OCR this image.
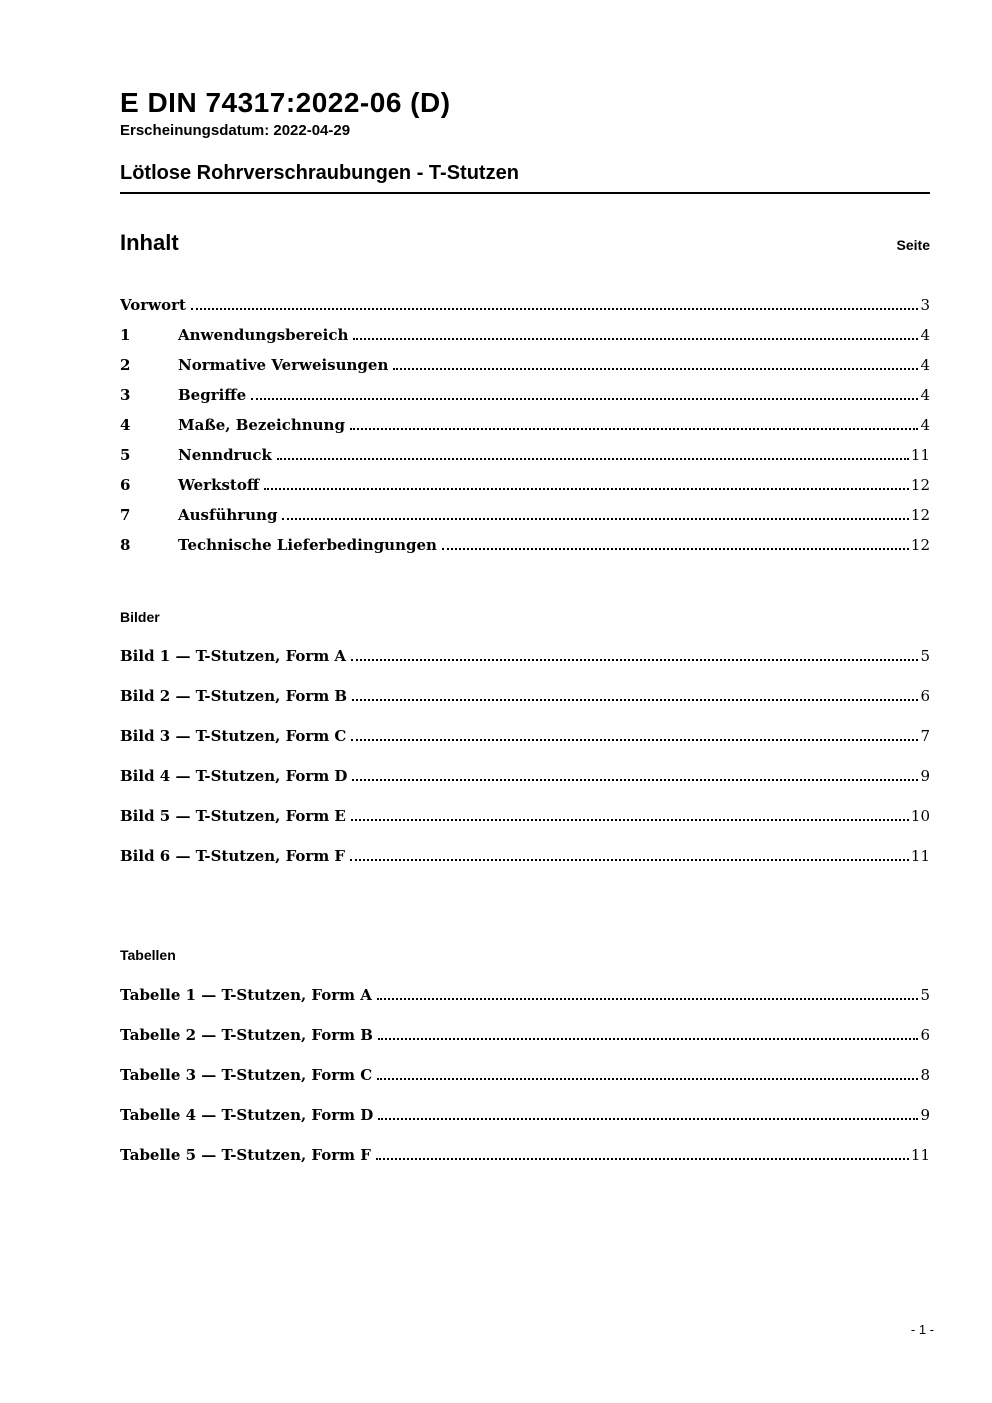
E DIN 74317:2022-06 (D)
Erscheinungsdatum: 2022-04-29
Lötlose Rohrverschraubungen - T-Stutzen
Inhalt	Seite
Vorwort	3
1	Anwendungsbereich	4
2	Normative Verweisungen	4
3	Begriffe	4
4	Maße, Bezeichnung	4
5	Nenndruck	11
6	Werkstoff	12
7	Ausführung	12
8	Technische Lieferbedingungen	12
Bilder
Bild 1 — T-Stutzen, Form A	5
Bild 2 — T-Stutzen, Form B	6
Bild 3 — T-Stutzen, Form C	7
Bild 4 — T-Stutzen, Form D	9
Bild 5 — T-Stutzen, Form E	10
Bild 6 — T-Stutzen, Form F	11
Tabellen
Tabelle 1 — T-Stutzen, Form A	5
Tabelle 2 — T-Stutzen, Form B	6
Tabelle 3 — T-Stutzen, Form C	8
Tabelle 4 — T-Stutzen, Form D	9
Tabelle 5 — T-Stutzen, Form F	11
- 1 -
